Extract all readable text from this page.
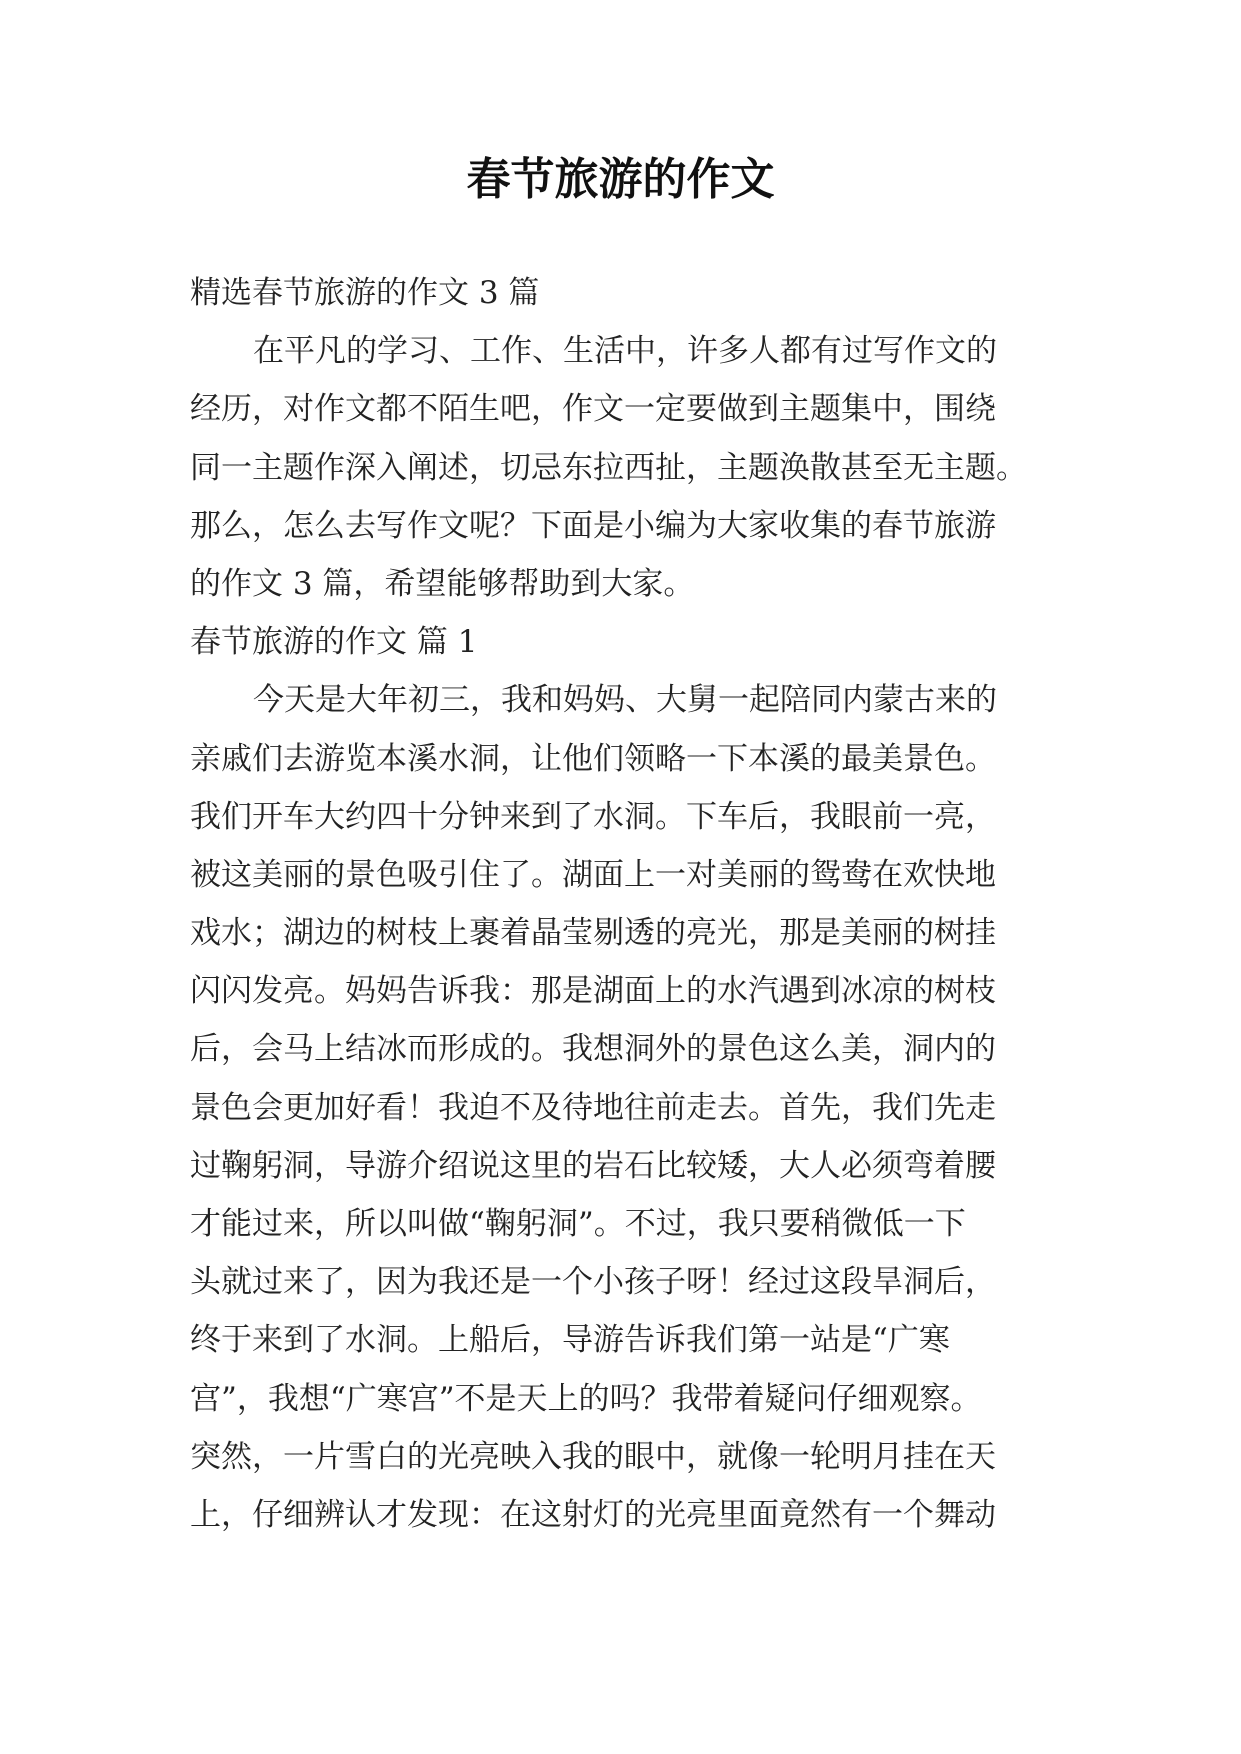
春节旅游的作文
精选春节旅游的作文 3 篇
在平凡的学习、工作、生活中，许多人都有过写作文的
经历，对作文都不陌生吧，作文一定要做到主题集中，围绕
同一主题作深入阐述，切忌东拉西扯，主题涣散甚至无主题。
那么，怎么去写作文呢？下面是小编为大家收集的春节旅游
的作文 3 篇，希望能够帮助到大家。
春节旅游的作文 篇 1
今天是大年初三，我和妈妈、大舅一起陪同内蒙古来的
亲戚们去游览本溪水洞，让他们领略一下本溪的最美景色。
我们开车大约四十分钟来到了水洞。下车后，我眼前一亮，
被这美丽的景色吸引住了。湖面上一对美丽的鸳鸯在欢快地
戏水；湖边的树枝上裹着晶莹剔透的亮光，那是美丽的树挂
闪闪发亮。妈妈告诉我：那是湖面上的水汽遇到冰凉的树枝
后，会马上结冰而形成的。我想洞外的景色这么美，洞内的
景色会更加好看！我迫不及待地往前走去。首先，我们先走
过鞠躬洞，导游介绍说这里的岩石比较矮，大人必须弯着腰
才能过来，所以叫做“鞠躬洞”。不过，我只要稍微低一下
头就过来了，因为我还是一个小孩子呀！经过这段旱洞后，
终于来到了水洞。上船后，导游告诉我们第一站是“广寒
宫”，我想“广寒宫”不是天上的吗？我带着疑问仔细观察。
突然，一片雪白的光亮映入我的眼中，就像一轮明月挂在天
上，仔细辨认才发现：在这射灯的光亮里面竟然有一个舞动
